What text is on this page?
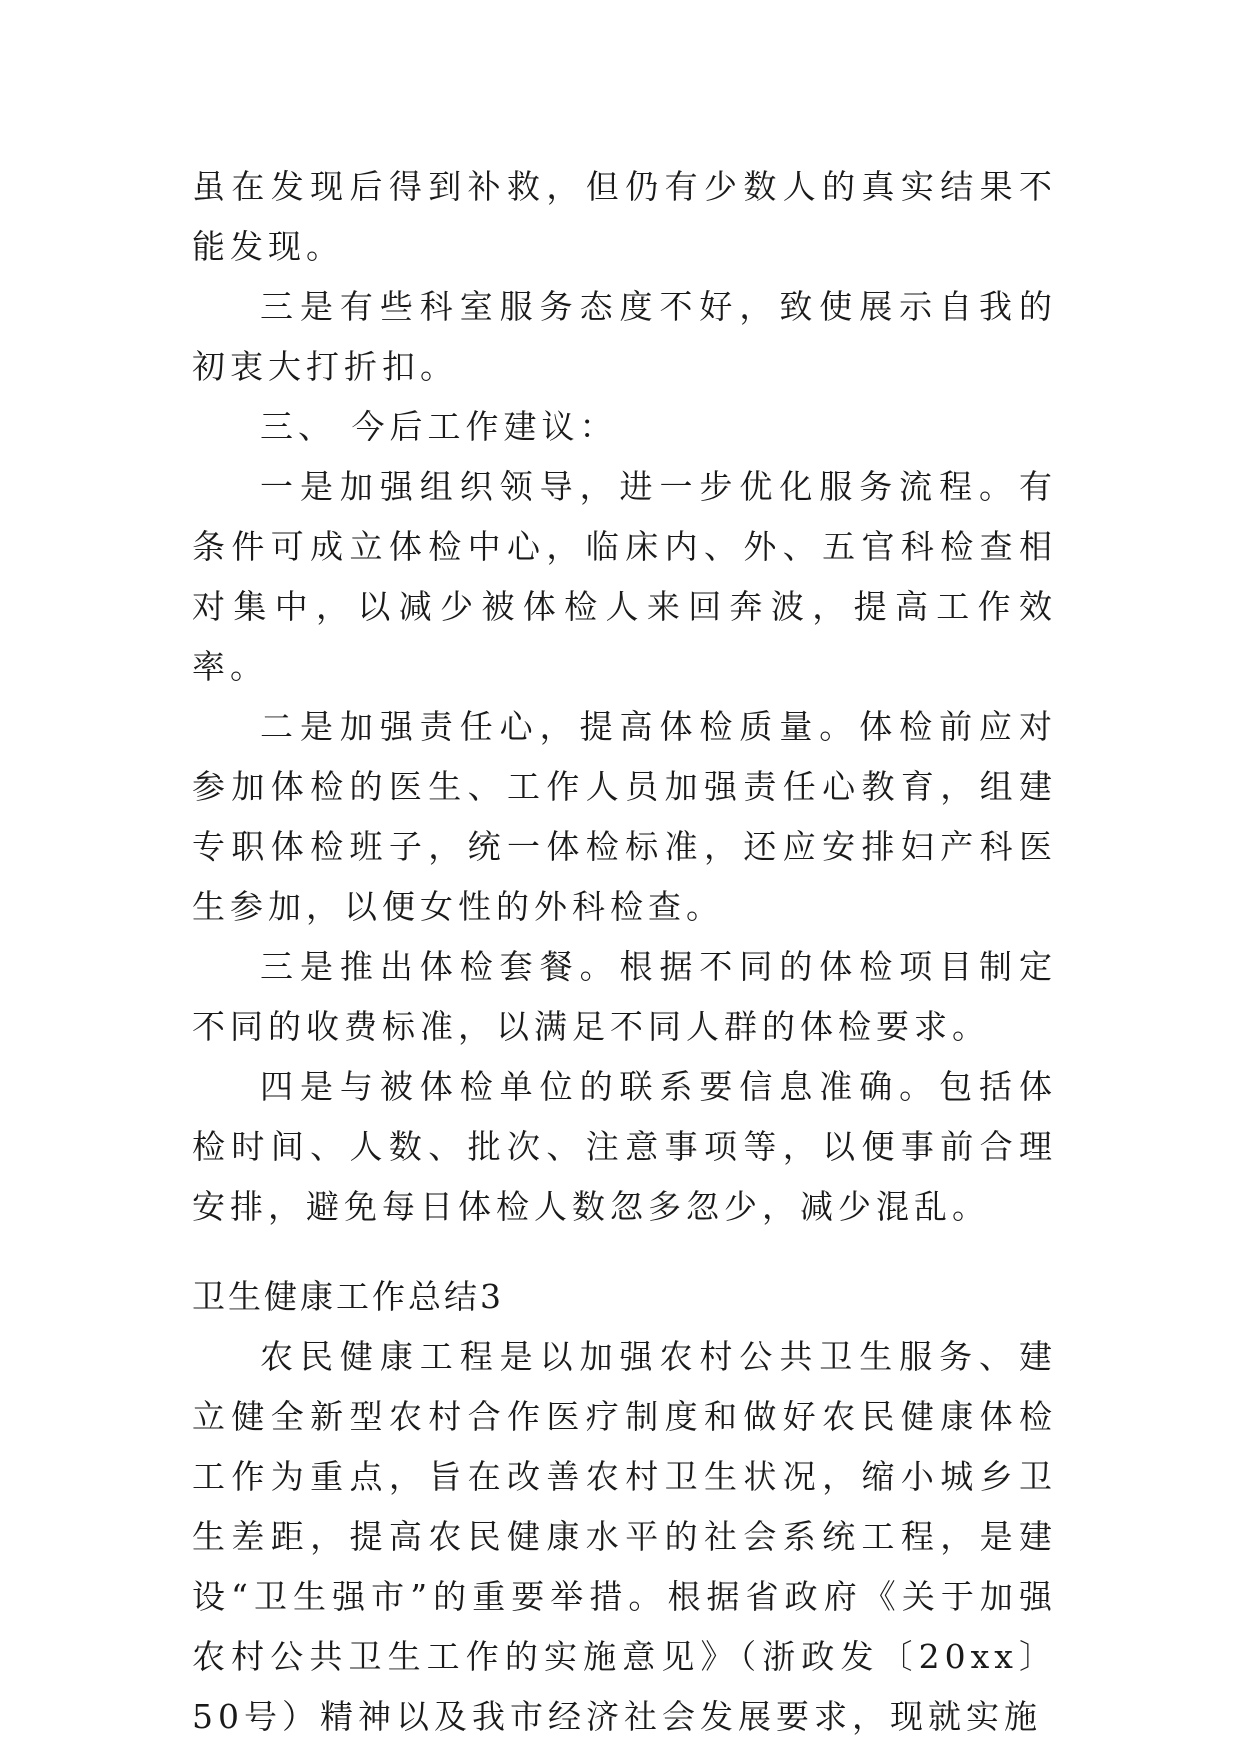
虽在发现后得到补救，但仍有少数人的真实结果不能发现。

三是有些科室服务态度不好，致使展示自我的初衷大打折扣。

三、 今后工作建议：

一是加强组织领导，进一步优化服务流程。有条件可成立体检中心，临床内、外、五官科检查相对集中，以减少被体检人来回奔波，提高工作效率。

二是加强责任心，提高体检质量。体检前应对参加体检的医生、工作人员加强责任心教育，组建专职体检班子，统一体检标准，还应安排妇产科医生参加，以便女性的外科检查。

三是推出体检套餐。根据不同的体检项目制定不同的收费标准，以满足不同人群的体检要求。

四是与被体检单位的联系要信息准确。包括体检时间、人数、批次、注意事项等，以便事前合理安排，避免每日体检人数忽多忽少，减少混乱。

卫生健康工作总结3

农民健康工程是以加强农村公共卫生服务、建立健全新型农村合作医疗制度和做好农民健康体检工作为重点，旨在改善农村卫生状况，缩小城乡卫生差距，提高农民健康水平的社会系统工程，是建设“卫生强市”的重要举措。根据省政府《关于加强农村公共卫生工作的实施意见》（浙政发〔20xx〕50号）精神以及我市经济社会发展要求，现就实施
